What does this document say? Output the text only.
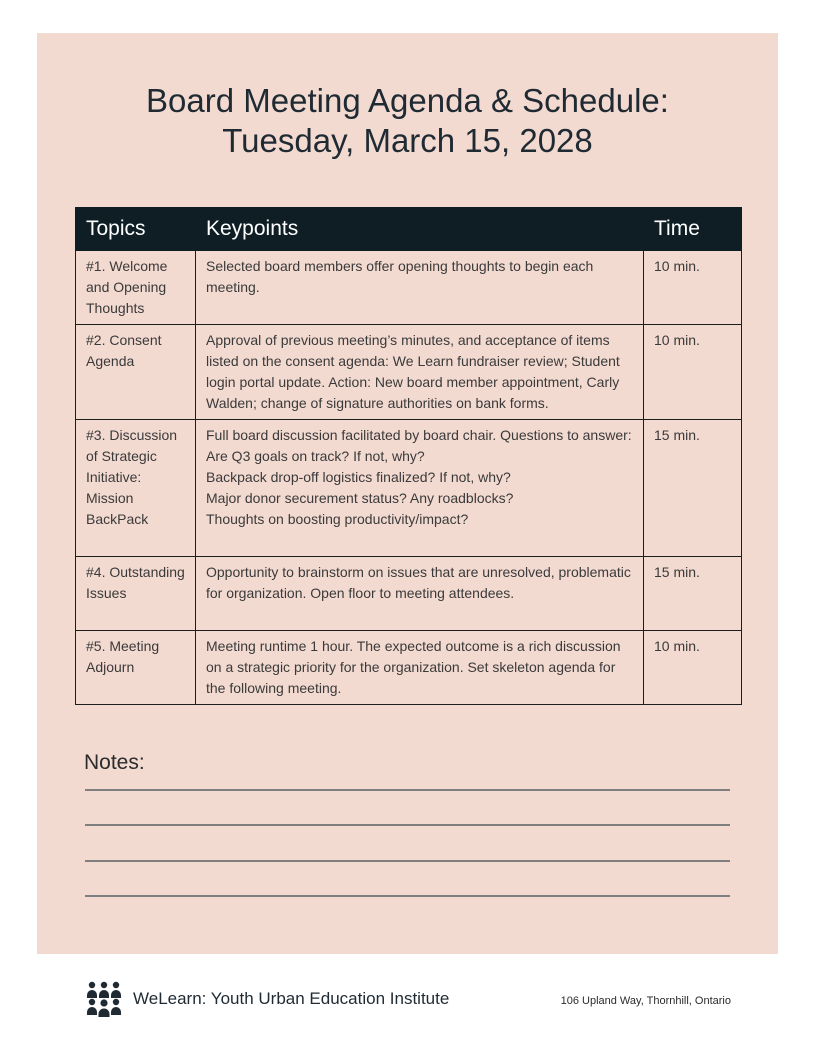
Board Meeting Agenda & Schedule:
Tuesday, March 15, 2028
Topics	Keypoints	Time
#1. Welcome and Opening Thoughts	Selected board members offer opening thoughts to begin each meeting.	10 min.
#2. Consent Agenda	Approval of previous meeting’s minutes, and acceptance of items listed on the consent agenda: We Learn fundraiser review; Student login portal update. Action: New board member appointment, Carly Walden; change of signature authorities on bank forms.	10 min.
#3. Discussion of Strategic Initiative: Mission BackPack	Full board discussion facilitated by board chair. Questions to answer:
Are Q3 goals on track? If not, why?
Backpack drop-off logistics finalized? If not, why?
Major donor securement status? Any roadblocks?
Thoughts on boosting productivity/impact?	15 min.
#4. Outstanding Issues	Opportunity to brainstorm on issues that are unresolved, problematic for organization. Open floor to meeting attendees.	15 min.
#5. Meeting Adjourn	Meeting runtime 1 hour. The expected outcome is a rich discussion on a strategic priority for the organization. Set skeleton agenda for the following meeting.	10 min.
Notes:
WeLearn: Youth Urban Education Institute	106 Upland Way, Thornhill, Ontario
